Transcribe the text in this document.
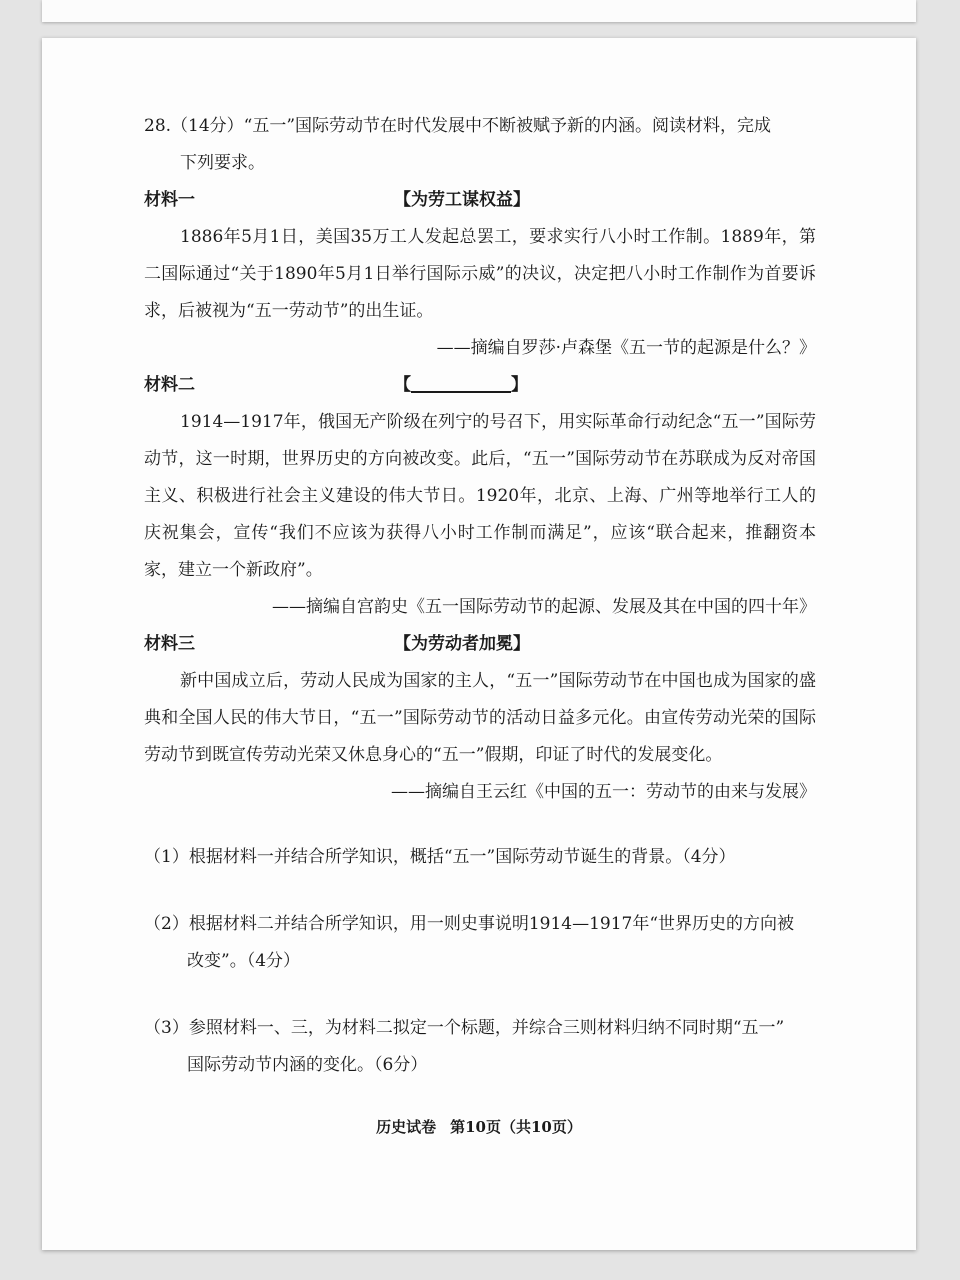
28.（14分）“五一”国际劳动节在时代发展中不断被赋予新的内涵。阅读材料，完成

下列要求。

材料一	【为劳工谋权益】

1886年5月1日，美国35万工人发起总罢工，要求实行八小时工作制。1889年，第二国际通过“关于1890年5月1日举行国际示威”的决议，决定把八小时工作制作为首要诉求，后被视为“五一劳动节”的出生证。

——摘编自罗莎·卢森堡《五一节的起源是什么？》

材料二	【	】

1914—1917年，俄国无产阶级在列宁的号召下，用实际革命行动纪念“五一”国际劳动节，这一时期，世界历史的方向被改变。此后，“五一”国际劳动节在苏联成为反对帝国主义、积极进行社会主义建设的伟大节日。1920年，北京、上海、广州等地举行工人的庆祝集会，宣传“我们不应该为获得八小时工作制而满足”，应该“联合起来，推翻资本家，建立一个新政府”。

——摘编自宫韵史《五一国际劳动节的起源、发展及其在中国的四十年》

材料三	【为劳动者加冕】

新中国成立后，劳动人民成为国家的主人，“五一”国际劳动节在中国也成为国家的盛典和全国人民的伟大节日，“五一”国际劳动节的活动日益多元化。由宣传劳动光荣的国际劳动节到既宣传劳动光荣又休息身心的“五一”假期，印证了时代的发展变化。

——摘编自王云红《中国的五一：劳动节的由来与发展》

（1）根据材料一并结合所学知识，概括“五一”国际劳动节诞生的背景。（4分）

（2）根据材料二并结合所学知识，用一则史事说明1914—1917年“世界历史的方向被

改变”。（4分）

（3）参照材料一、三，为材料二拟定一个标题，并综合三则材料归纳不同时期“五一”

国际劳动节内涵的变化。（6分）

历史试卷 第10页（共10页）
